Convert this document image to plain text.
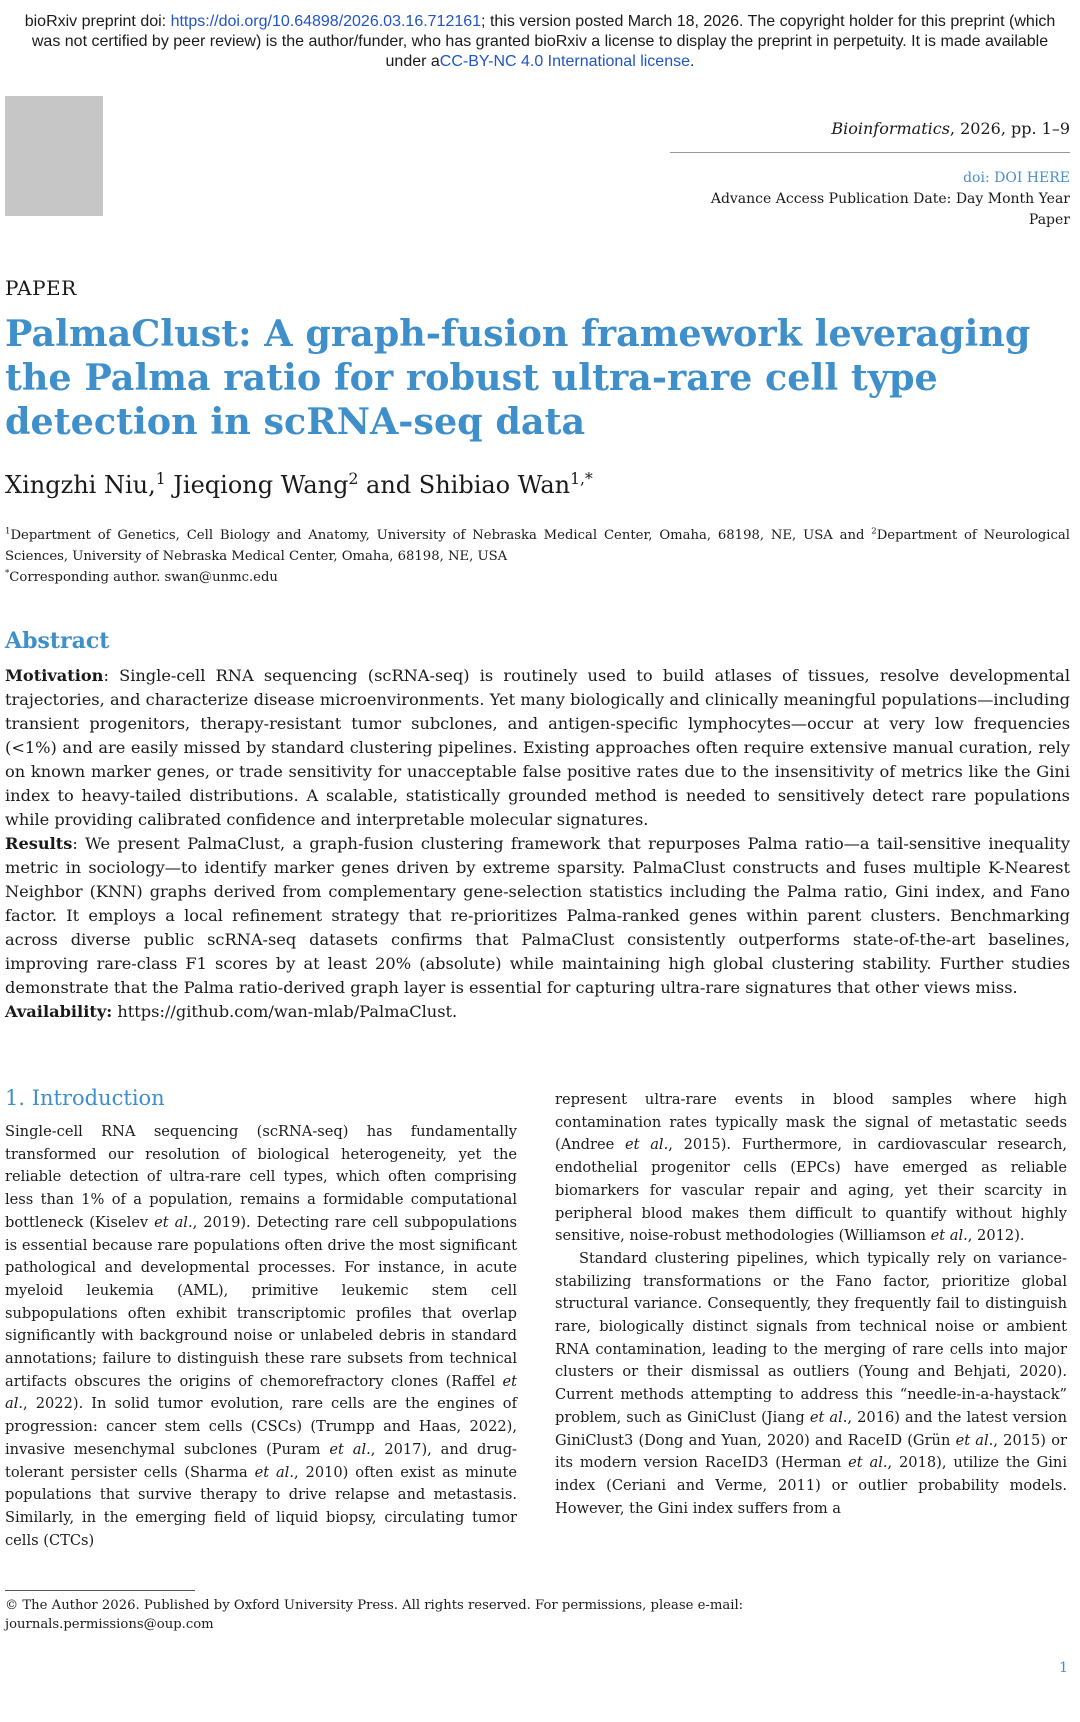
bioRxiv preprint doi: https://doi.org/10.64898/2026.03.16.712161; this version posted March 18, 2026. The copyright holder for this preprint (which was not certified by peer review) is the author/funder, who has granted bioRxiv a license to display the preprint in perpetuity. It is made available under aCC-BY-NC 4.0 International license.
Bioinformatics, 2026, pp. 1–9
doi: DOI HERE
Advance Access Publication Date: Day Month Year
Paper
PAPER
PalmaClust: A graph-fusion framework leveraging the Palma ratio for robust ultra-rare cell type detection in scRNA-seq data
Xingzhi Niu,$^1$ Jieqiong Wang$^2$ and Shibiao Wan$^{1,*}$
$^1$Department of Genetics, Cell Biology and Anatomy, University of Nebraska Medical Center, Omaha, 68198, NE, USA and $^2$Department of Neurological Sciences, University of Nebraska Medical Center, Omaha, 68198, NE, USA
*Corresponding author. swan@unmc.edu
Abstract

Motivation: Single-cell RNA sequencing (scRNA-seq) is routinely used to build atlases of tissues, resolve developmental trajectories, and characterize disease microenvironments. Yet many biologically and clinically meaningful populations—including transient progenitors, therapy-resistant tumor subclones, and antigen-specific lymphocytes—occur at very low frequencies (<1%) and are easily missed by standard clustering pipelines. Existing approaches often require extensive manual curation, rely on known marker genes, or trade sensitivity for unacceptable false positive rates due to the insensitivity of metrics like the Gini index to heavy-tailed distributions. A scalable, statistically grounded method is needed to sensitively detect rare populations while providing calibrated confidence and interpretable molecular signatures.

Results: We present PalmaClust, a graph-fusion clustering framework that repurposes Palma ratio—a tail-sensitive inequality metric in sociology—to identify marker genes driven by extreme sparsity. PalmaClust constructs and fuses multiple K-Nearest Neighbor (KNN) graphs derived from complementary gene-selection statistics including the Palma ratio, Gini index, and Fano factor. It employs a local refinement strategy that re-prioritizes Palma-ranked genes within parent clusters. Benchmarking across diverse public scRNA-seq datasets confirms that PalmaClust consistently outperforms state-of-the-art baselines, improving rare-class F1 scores by at least 20% (absolute) while maintaining high global clustering stability. Further studies demonstrate that the Palma ratio-derived graph layer is essential for capturing ultra-rare signatures that other views miss.

Availability: https://github.com/wan-mlab/PalmaClust.

1. Introduction

Single-cell RNA sequencing (scRNA-seq) has fundamentally transformed our resolution of biological heterogeneity, yet the reliable detection of ultra-rare cell types, which often comprising less than 1% of a population, remains a formidable computational bottleneck (Kiselev et al., 2019). Detecting rare cell subpopulations is essential because rare populations often drive the most significant pathological and developmental processes. For instance, in acute myeloid leukemia (AML), primitive leukemic stem cell subpopulations often exhibit transcriptomic profiles that overlap significantly with background noise or unlabeled debris in standard annotations; failure to distinguish these rare subsets from technical artifacts obscures the origins of chemorefractory clones (Raffel et al., 2022). In solid tumor evolution, rare cells are the engines of progression: cancer stem cells (CSCs) (Trumpp and Haas, 2022), invasive mesenchymal subclones (Puram et al., 2017), and drug-tolerant persister cells (Sharma et al., 2010) often exist as minute populations that survive therapy to drive relapse and metastasis. Similarly, in the emerging field of liquid biopsy, circulating tumor cells (CTCs)

represent ultra-rare events in blood samples where high contamination rates typically mask the signal of metastatic seeds (Andree et al., 2015). Furthermore, in cardiovascular research, endothelial progenitor cells (EPCs) have emerged as reliable biomarkers for vascular repair and aging, yet their scarcity in peripheral blood makes them difficult to quantify without highly sensitive, noise-robust methodologies (Williamson et al., 2012).

Standard clustering pipelines, which typically rely on variance-stabilizing transformations or the Fano factor, prioritize global structural variance. Consequently, they frequently fail to distinguish rare, biologically distinct signals from technical noise or ambient RNA contamination, leading to the merging of rare cells into major clusters or their dismissal as outliers (Young and Behjati, 2020). Current methods attempting to address this “needle-in-a-haystack” problem, such as GiniClust (Jiang et al., 2016) and the latest version GiniClust3 (Dong and Yuan, 2020) and RaceID (Grün et al., 2015) or its modern version RaceID3 (Herman et al., 2018), utilize the Gini index (Ceriani and Verme, 2011) or outlier probability models. However, the Gini index suffers from a

© The Author 2026. Published by Oxford University Press. All rights reserved. For permissions, please e-mail: journals.permissions@oup.com
1
